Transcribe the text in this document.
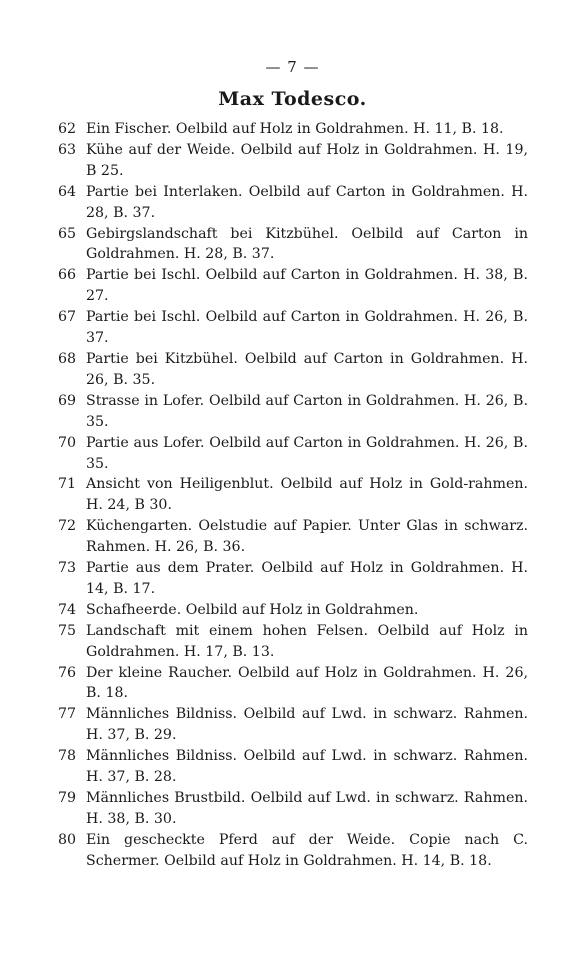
— 7 —
Max Todesco.
62 Ein Fischer. Oelbild auf Holz in Goldrahmen. H. 11, B. 18.
63 Kühe auf der Weide. Oelbild auf Holz in Goldrahmen. H. 19, B 25.
64 Partie bei Interlaken. Oelbild auf Carton in Goldrahmen. H. 28, B. 37.
65 Gebirgslandschaft bei Kitzbühel. Oelbild auf Carton in Goldrahmen. H. 28, B. 37.
66 Partie bei Ischl. Oelbild auf Carton in Goldrahmen. H. 38, B. 27.
67 Partie bei Ischl. Oelbild auf Carton in Goldrahmen. H. 26, B. 37.
68 Partie bei Kitzbühel. Oelbild auf Carton in Goldrahmen. H. 26, B. 35.
69 Strasse in Lofer. Oelbild auf Carton in Goldrahmen. H. 26, B. 35.
70 Partie aus Lofer. Oelbild auf Carton in Goldrahmen. H. 26, B. 35.
71 Ansicht von Heiligenblut. Oelbild auf Holz in Gold-rahmen. H. 24, B 30.
72 Küchengarten. Oelstudie auf Papier. Unter Glas in schwarz. Rahmen. H. 26, B. 36.
73 Partie aus dem Prater. Oelbild auf Holz in Goldrahmen. H. 14, B. 17.
74 Schafheerde. Oelbild auf Holz in Goldrahmen.
75 Landschaft mit einem hohen Felsen. Oelbild auf Holz in Goldrahmen. H. 17, B. 13.
76 Der kleine Raucher. Oelbild auf Holz in Goldrahmen. H. 26, B. 18.
77 Männliches Bildniss. Oelbild auf Lwd. in schwarz. Rahmen. H. 37, B. 29.
78 Männliches Bildniss. Oelbild auf Lwd. in schwarz. Rahmen. H. 37, B. 28.
79 Männliches Brustbild. Oelbild auf Lwd. in schwarz. Rahmen. H. 38, B. 30.
80 Ein gescheckte Pferd auf der Weide. Copie nach C. Schermer. Oelbild auf Holz in Goldrahmen. H. 14, B. 18.
